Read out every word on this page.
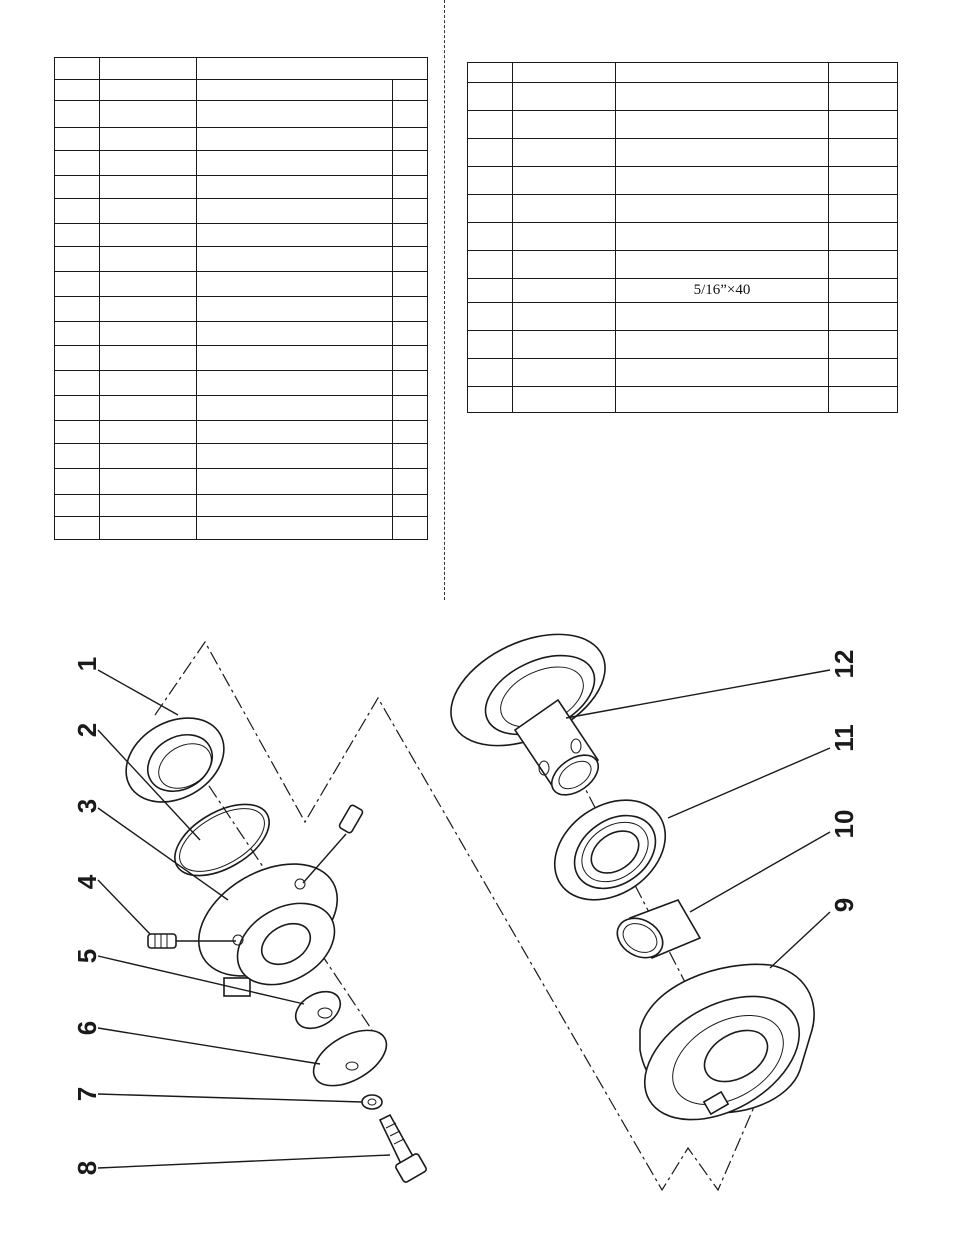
		5/16”×40	

1
2
3
4
5
6
7
8
9
10
11
12
